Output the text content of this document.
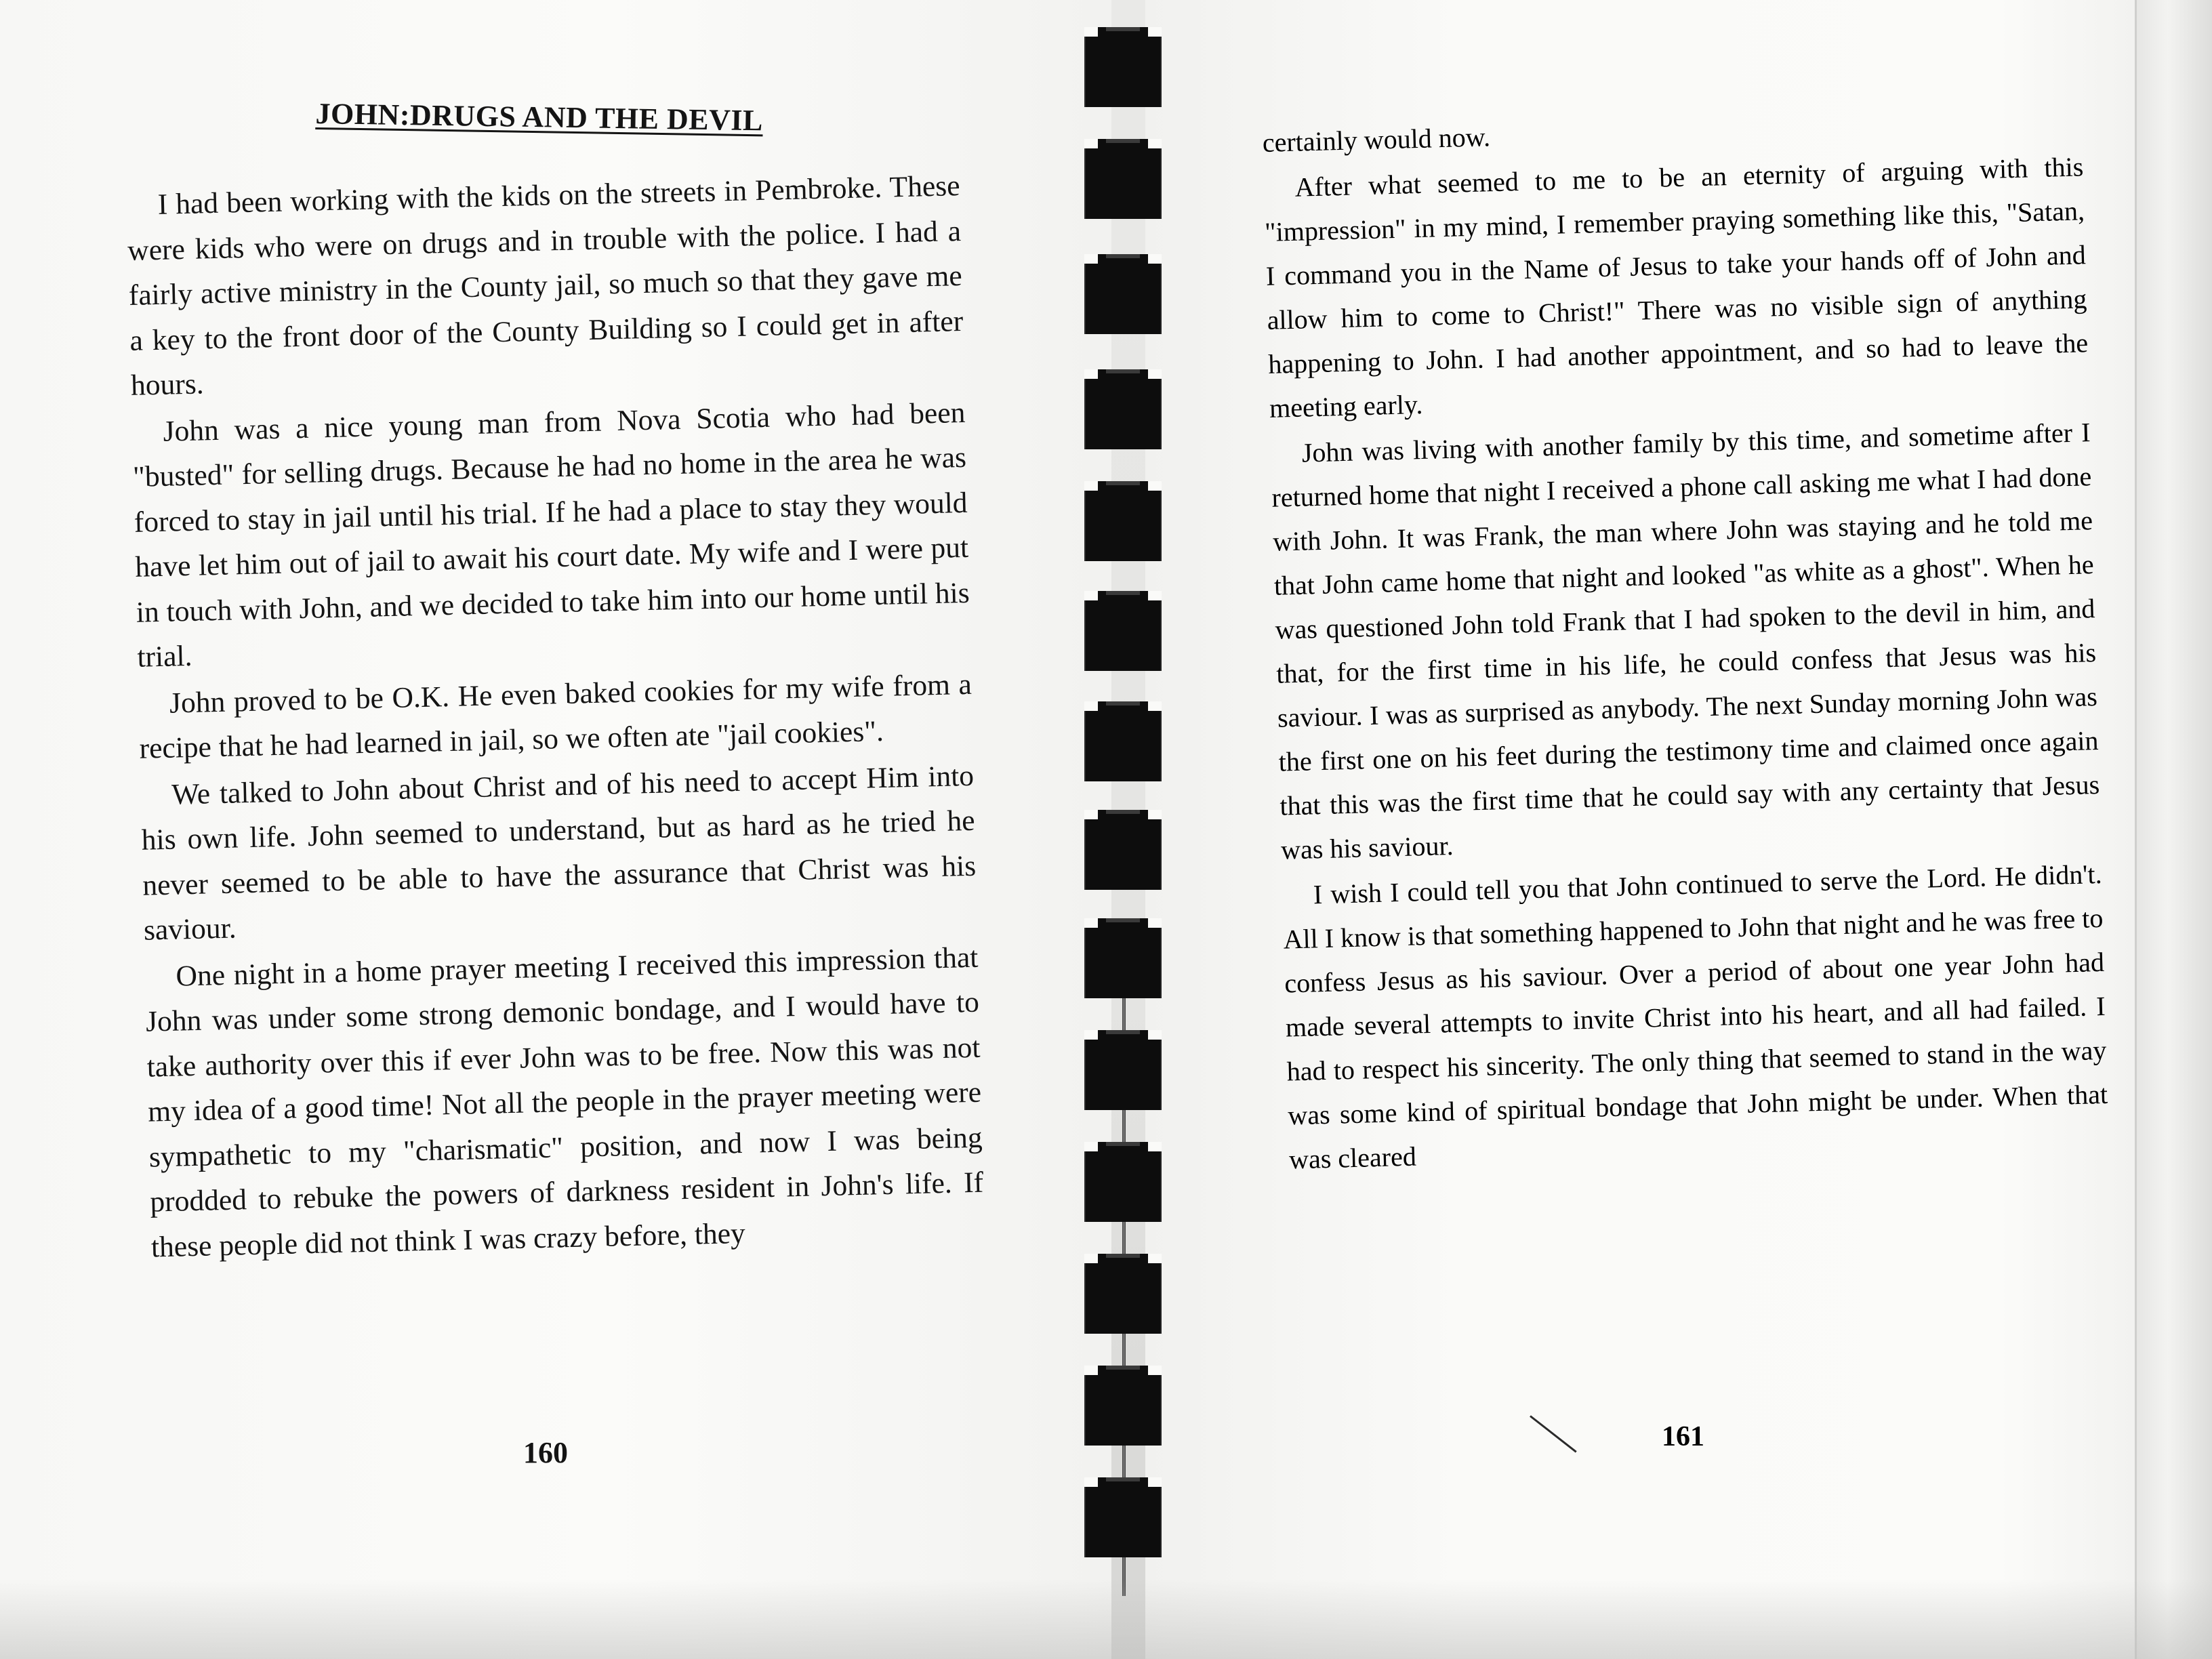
JOHN:DRUGS AND THE DEVIL

I had been working with the kids on the streets in Pembroke. These were kids who were on drugs and in trouble with the police. I had a fairly active ministry in the County jail, so much so that they gave me a key to the front door of the County Building so I could get in after hours.

John was a nice young man from Nova Scotia who had been "busted" for selling drugs. Because he had no home in the area he was forced to stay in jail until his trial. If he had a place to stay they would have let him out of jail to await his court date. My wife and I were put in touch with John, and we decided to take him into our home until his trial.

John proved to be O.K. He even baked cookies for my wife from a recipe that he had learned in jail, so we often ate "jail cookies".

We talked to John about Christ and of his need to accept Him into his own life. John seemed to understand, but as hard as he tried he never seemed to be able to have the assurance that Christ was his saviour.

One night in a home prayer meeting I received this impression that John was under some strong demonic bondage, and I would have to take authority over this if ever John was to be free. Now this was not my idea of a good time! Not all the people in the prayer meeting were sympathetic to my "charismatic" position, and now I was being prodded to rebuke the powers of darkness resident in John's life. If these people did not think I was crazy before, they

160

certainly would now.

After what seemed to me to be an eternity of arguing with this "impression" in my mind, I remember praying something like this, "Satan, I command you in the Name of Jesus to take your hands off of John and allow him to come to Christ!" There was no visible sign of anything happening to John. I had another appointment, and so had to leave the meeting early.

John was living with another family by this time, and sometime after I returned home that night I received a phone call asking me what I had done with John. It was Frank, the man where John was staying and he told me that John came home that night and looked "as white as a ghost". When he was questioned John told Frank that I had spoken to the devil in him, and that, for the first time in his life, he could confess that Jesus was his saviour. I was as surprised as anybody. The next Sunday morning John was the first one on his feet during the testimony time and claimed once again that this was the first time that he could say with any certainty that Jesus was his saviour.

I wish I could tell you that John continued to serve the Lord. He didn't. All I know is that something happened to John that night and he was free to confess Jesus as his saviour. Over a period of about one year John had made several attempts to invite Christ into his heart, and all had failed. I had to respect his sincerity. The only thing that seemed to stand in the way was some kind of spiritual bondage that John might be under. When that was cleared

161
